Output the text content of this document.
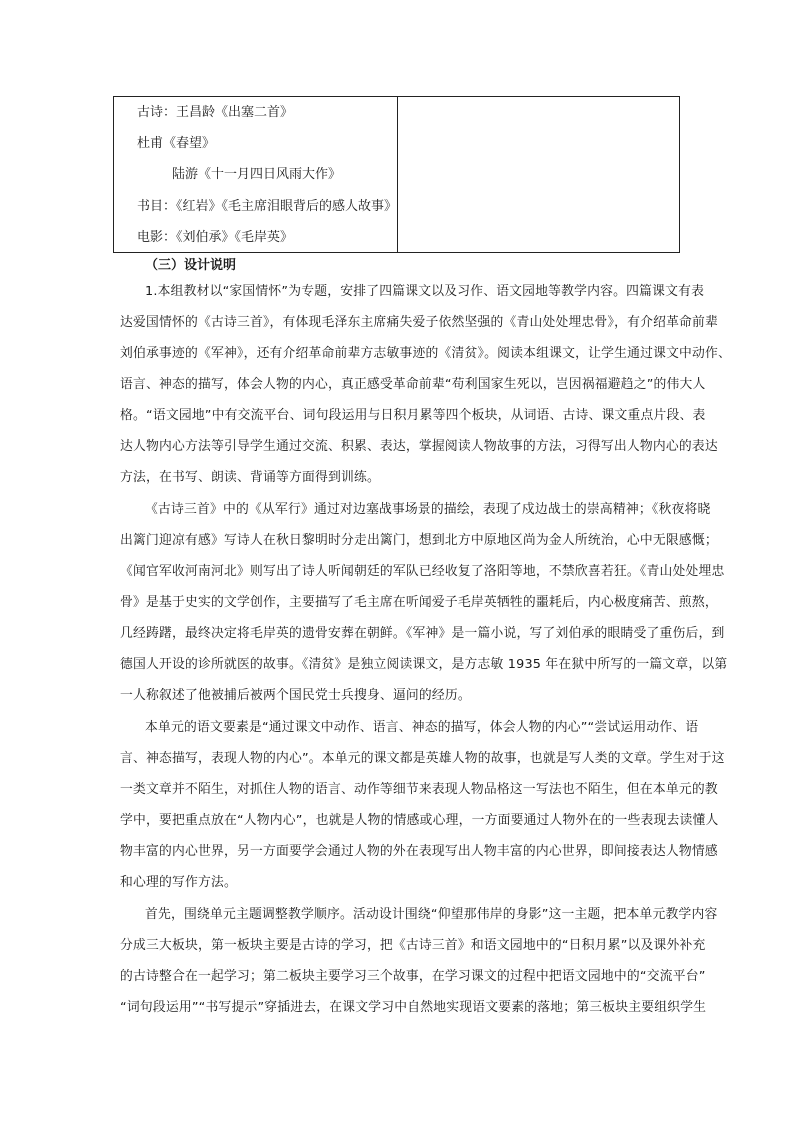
古诗：王昌龄《出塞二首》
杜甫《春望》
陆游《十一月四日风雨大作》
书目：《红岩》《毛主席泪眼背后的感人故事》
电影：《刘伯承》《毛岸英》
（三）设计说明
1.本组教材以“家国情怀”为专题，安排了四篇课文以及习作、语文园地等教学内容。四篇课文有表
达爱国情怀的《古诗三首》，有体现毛泽东主席痛失爱子依然坚强的《青山处处埋忠骨》，有介绍革命前辈
刘伯承事迹的《军神》，还有介绍革命前辈方志敏事迹的《清贫》。阅读本组课文，让学生通过课文中动作、
语言、神态的描写，体会人物的内心，真正感受革命前辈“苟利国家生死以，岂因祸福避趋之”的伟大人
格。“语文园地”中有交流平台、词句段运用与日积月累等四个板块，从词语、古诗、课文重点片段、表
达人物内心方法等引导学生通过交流、积累、表达，掌握阅读人物故事的方法，习得写出人物内心的表达
方法，在书写、朗读、背诵等方面得到训练。
《古诗三首》中的《从军行》通过对边塞战事场景的描绘，表现了戍边战士的崇高精神；《秋夜将晓
出篱门迎凉有感》写诗人在秋日黎明时分走出篱门，想到北方中原地区尚为金人所统治，心中无限感慨；
《闻官军收河南河北》则写出了诗人听闻朝廷的军队已经收复了洛阳等地，不禁欣喜若狂。《青山处处埋忠
骨》是基于史实的文学创作，主要描写了毛主席在听闻爱子毛岸英牺牲的噩耗后，内心极度痛苦、煎熬，
几经踌躇，最终决定将毛岸英的遗骨安葬在朝鲜。《军神》是一篇小说，写了刘伯承的眼睛受了重伤后，到
德国人开设的诊所就医的故事。《清贫》是独立阅读课文，是方志敏 1935 年在狱中所写的一篇文章，以第
一人称叙述了他被捕后被两个国民党士兵搜身、逼问的经历。
本单元的语文要素是“通过课文中动作、语言、神态的描写，体会人物的内心”“尝试运用动作、语
言、神态描写，表现人物的内心”。本单元的课文都是英雄人物的故事，也就是写人类的文章。学生对于这
一类文章并不陌生，对抓住人物的语言、动作等细节来表现人物品格这一写法也不陌生，但在本单元的教
学中，要把重点放在“人物内心”，也就是人物的情感或心理，一方面要通过人物外在的一些表现去读懂人
物丰富的内心世界，另一方面要学会通过人物的外在表现写出人物丰富的内心世界，即间接表达人物情感
和心理的写作方法。
首先，围绕单元主题调整教学顺序。活动设计围绕“仰望那伟岸的身影”这一主题，把本单元教学内容
分成三大板块，第一板块主要是古诗的学习，把《古诗三首》和语文园地中的“日积月累”以及课外补充
的古诗整合在一起学习；第二板块主要学习三个故事，在学习课文的过程中把语文园地中的“交流平台”
“词句段运用”“书写提示”穿插进去，在课文学习中自然地实现语文要素的落地；第三板块主要组织学生
